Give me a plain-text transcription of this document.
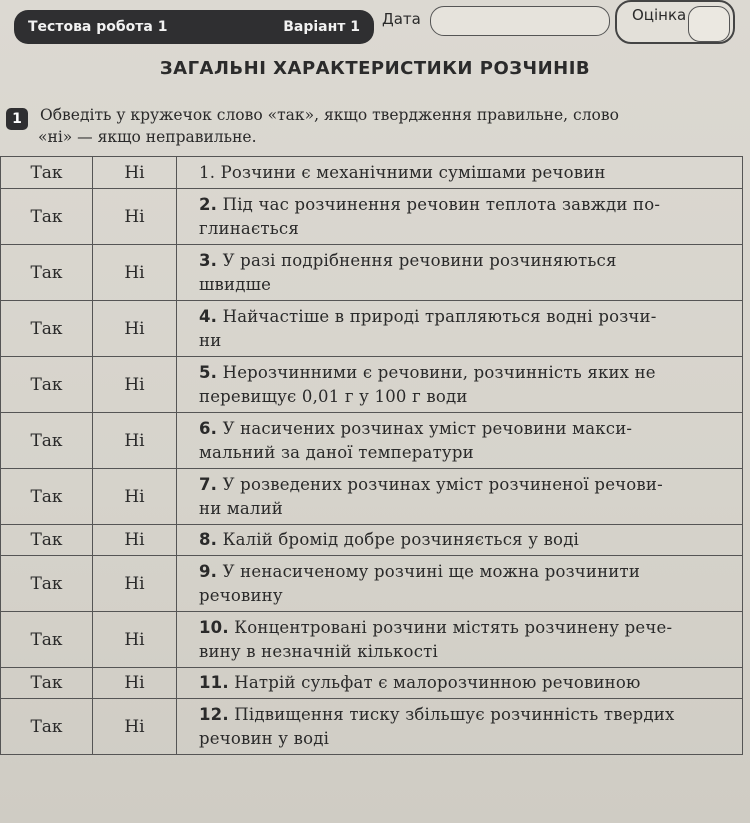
Тестова робота 1	Варіант 1 Дата	Оцінка
ЗАГАЛЬНІ ХАРАКТЕРИСТИКИ РОЗЧИНІВ
1	Обведіть у кружечок слово «так», якщо твердження правильне, слово
«ні» — якщо неправильне.
Так	Ні	1. Розчини є механічними сумішами речовин
Так	Ні	2. Під час розчинення речовин теплота завжди по-
глинається

Так	Ні	3. У разі подрібнення речовини розчиняються
швидше

Так	Ні	4. Найчастіше в природі трапляються водні розчи-
ни

Так	Ні	5. Нерозчинними є речовини, розчинність яких не
перевищує 0,01 г у 100 г води

Так	Ні	6. У насичених розчинах уміст речовини макси-
мальний за даної температури

Так	Ні	7. У розведених розчинах уміст розчиненої речови-
ни малий

Так	Ні	8. Калій бромід добре розчиняється у воді
Так	Ні	9. У ненасиченому розчині ще можна розчинити
речовину

Так	Ні	10. Концентровані розчини містять розчинену рече-
вину в незначній кількості

Так	Ні	11. Натрій сульфат є малорозчинною речовиною
Так	Ні	12. Підвищення тиску збільшує розчинність твердих
речовин у воді
